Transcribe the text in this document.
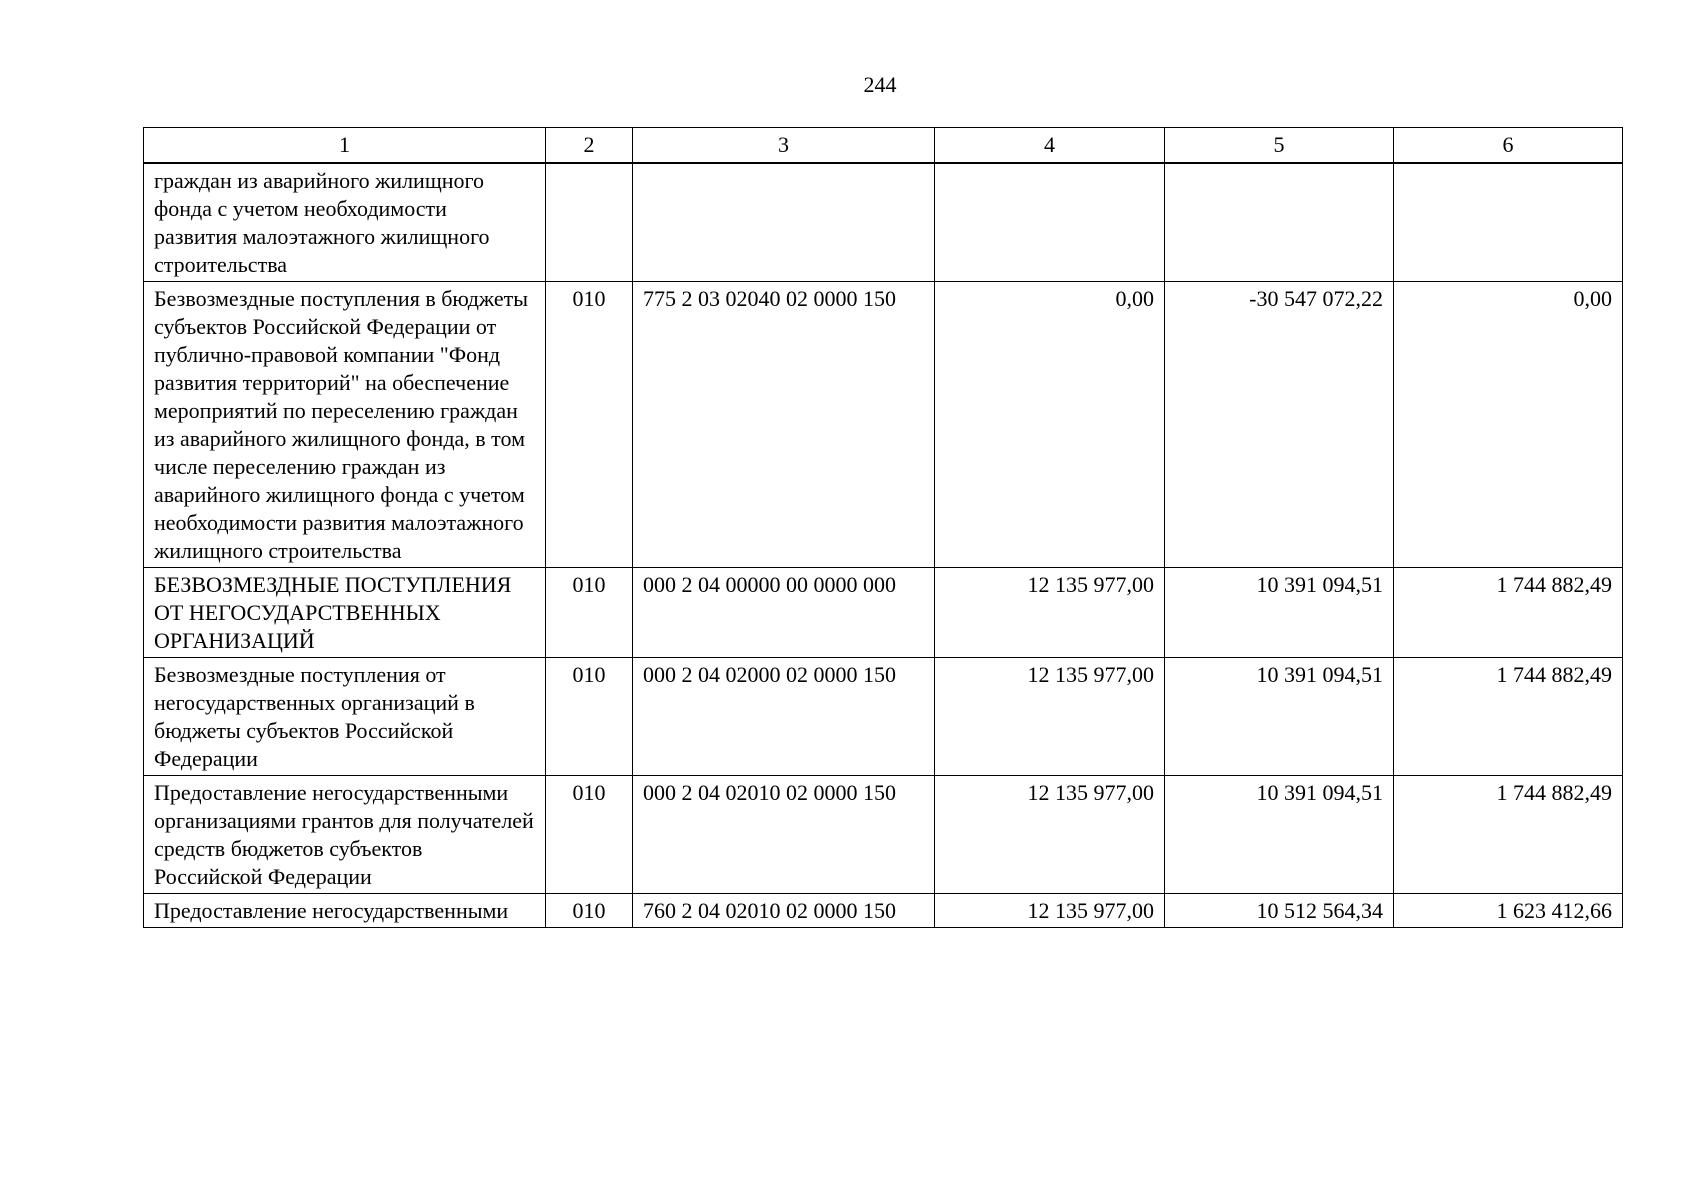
244
1	2	3	4	5	6
граждан из аварийного жилищного фонда с учетом необходимости развития малоэтажного жилищного строительства					
Безвозмездные поступления в бюджеты субъектов Российской Федерации от публично-правовой компании "Фонд развития территорий" на обеспечение мероприятий по переселению граждан из аварийного жилищного фонда, в том числе переселению граждан из аварийного жилищного фонда с учетом необходимости развития малоэтажного жилищного строительства	010	775 2 03 02040 02 0000 150	0,00	-30 547 072,22	0,00
БЕЗВОЗМЕЗДНЫЕ ПОСТУПЛЕНИЯ ОТ НЕГОСУДАРСТВЕННЫХ ОРГАНИЗАЦИЙ	010	000 2 04 00000 00 0000 000	12 135 977,00	10 391 094,51	1 744 882,49
Безвозмездные поступления от негосударственных организаций в бюджеты субъектов Российской Федерации	010	000 2 04 02000 02 0000 150	12 135 977,00	10 391 094,51	1 744 882,49
Предоставление негосударственными организациями грантов для получателей средств бюджетов субъектов Российской Федерации	010	000 2 04 02010 02 0000 150	12 135 977,00	10 391 094,51	1 744 882,49
Предоставление негосударственными	010	760 2 04 02010 02 0000 150	12 135 977,00	10 512 564,34	1 623 412,66
